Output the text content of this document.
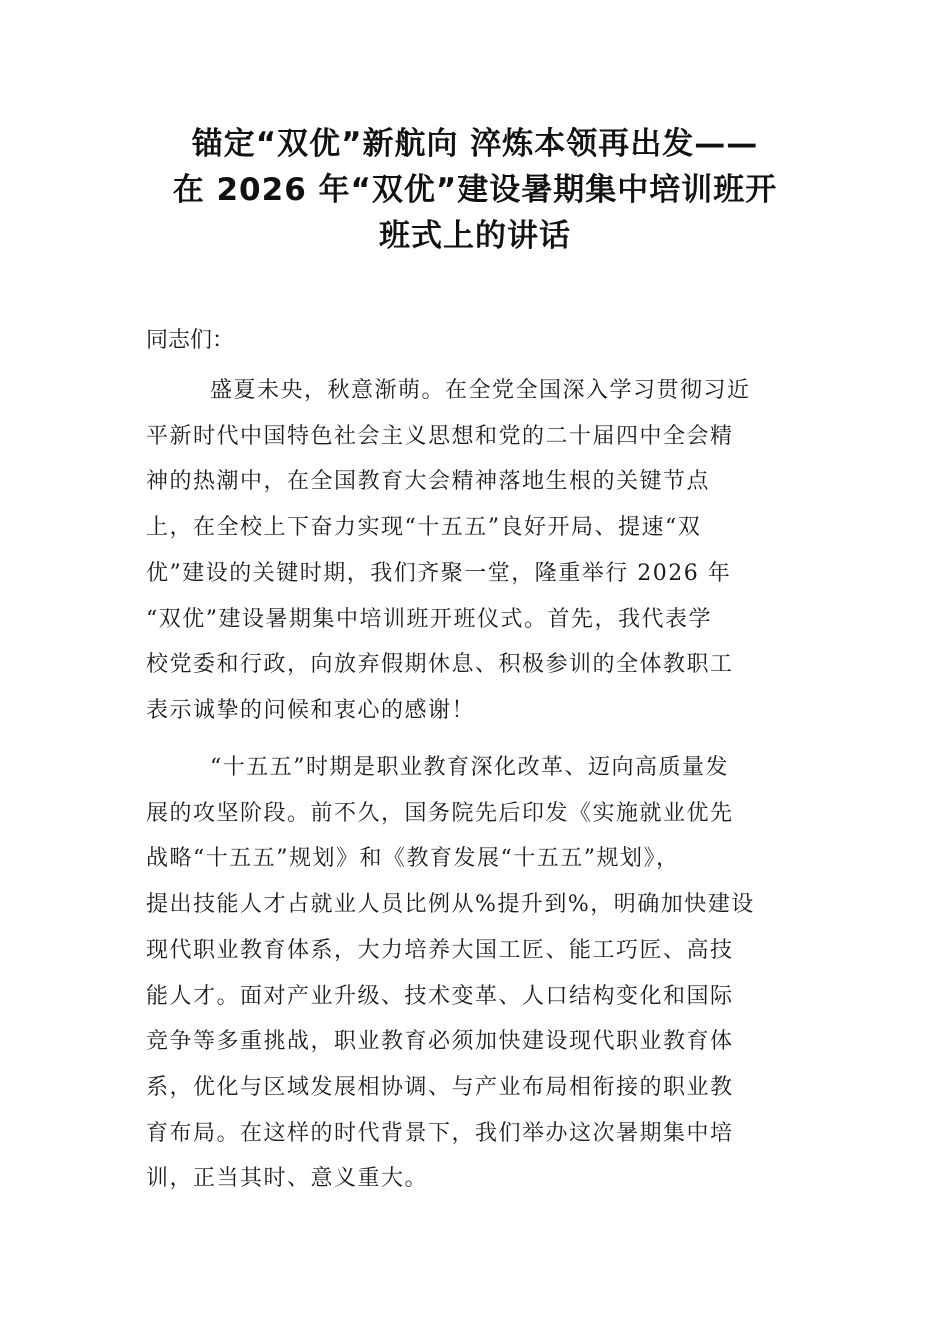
锚定“双优”新航向 淬炼本领再出发——
在 2026 年“双优”建设暑期集中培训班开
班式上的讲话

同志们：

盛夏未央，秋意渐萌。在全党全国深入学习贯彻习近
平新时代中国特色社会主义思想和党的二十届四中全会精
神的热潮中，在全国教育大会精神落地生根的关键节点
上，在全校上下奋力实现“十五五”良好开局、提速“双
优”建设的关键时期，我们齐聚一堂，隆重举行 2026 年
“双优”建设暑期集中培训班开班仪式。首先，我代表学
校党委和行政，向放弃假期休息、积极参训的全体教职工
表示诚挚的问候和衷心的感谢！
“十五五”时期是职业教育深化改革、迈向高质量发
展的攻坚阶段。前不久，国务院先后印发《实施就业优先
战略“十五五”规划》和《教育发展“十五五”规划》，
提出技能人才占就业人员比例从%提升到%，明确加快建设
现代职业教育体系，大力培养大国工匠、能工巧匠、高技
能人才。面对产业升级、技术变革、人口结构变化和国际
竞争等多重挑战，职业教育必须加快建设现代职业教育体
系，优化与区域发展相协调、与产业布局相衔接的职业教
育布局。在这样的时代背景下，我们举办这次暑期集中培
训，正当其时、意义重大。
